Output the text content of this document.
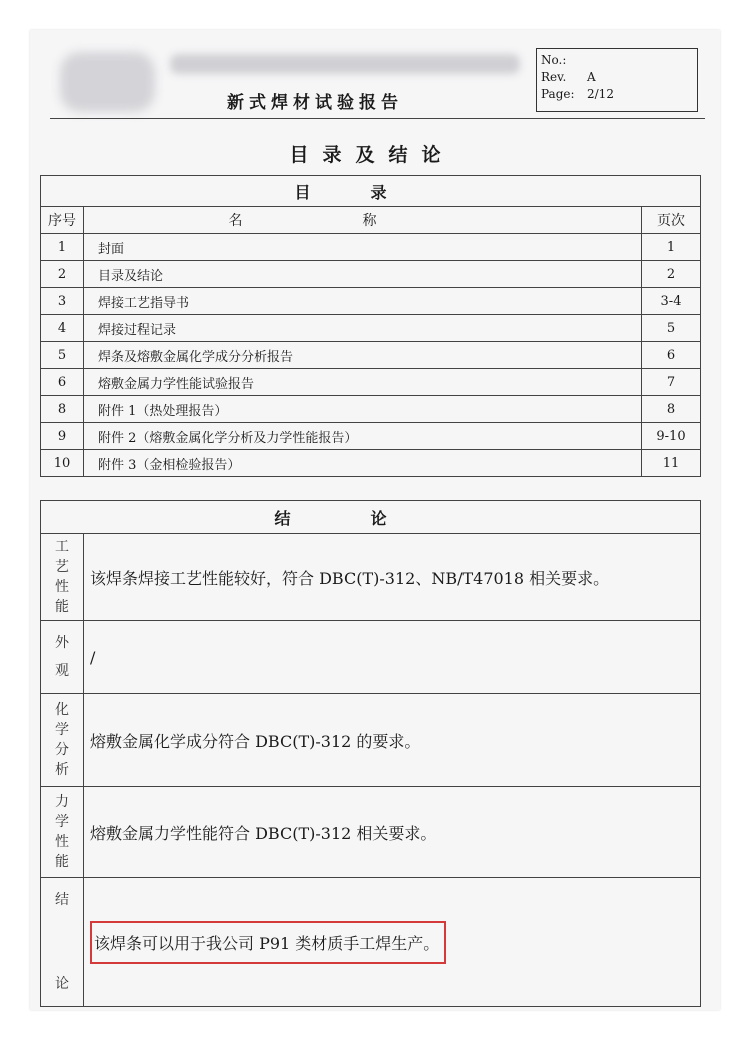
新式焊材试验报告
No.:
Rev.	A
Page:	2/12
目录及结论
目录		
序号	名称	页次
1	封面	1
2	目录及结论	2
3	焊接工艺指导书	3-4
4	焊接过程记录	5
5	焊条及熔敷金属化学成分分析报告	6
6	熔敷金属力学性能试验报告	7
8	附件 1（热处理报告）	8
9	附件 2（熔敷金属化学分析及力学性能报告）	9-10
10	附件 3（金相检验报告）	11
结论	

工
艺
性
能	该焊条焊接工艺性能较好，符合 DBC(T)-312、NB/T47018 相关要求。

外
观	/

化
学
分
析	熔敷金属化学成分符合 DBC(T)-312 的要求。

力
学
性
能	熔敷金属力学性能符合 DBC(T)-312 相关要求。

结
论	该焊条可以用于我公司 P91 类材质手工焊生产。
